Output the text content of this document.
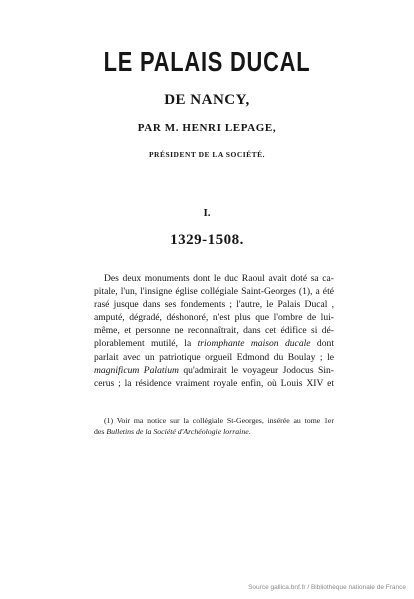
LE PALAIS DUCAL
DE NANCY,
PAR M. HENRI LEPAGE,
PRÉSIDENT DE LA SOCIÉTÉ.
I.
1329-1508.
Des deux monuments dont le duc Raoul avait doté sa ca-
pitale, l'un, l'insigne église collégiale Saint-Georges (1), a été
rasé jusque dans ses fondements ; l'autre, le Palais Ducal ,
amputé, dégradé, déshonoré, n'est plus que l'ombre de lui-
même, et personne ne reconnaîtrait, dans cet édifice si dé-
plorablement mutilé, la triomphante maison ducale dont
parlait avec un patriotique orgueil Edmond du Boulay ; le
magnificum Palatium qu'admirait le voyageur Jodocus Sin-
cerus ; la résidence vraiment royale enfin, où Louis XIV et
(1) Voir ma notice sur la collégiale St-Georges, insérée au tome 1er
des Bulletins de la Société d'Archéologie lorraine.
Source gallica.bnf.fr / Bibliothèque nationale de France
